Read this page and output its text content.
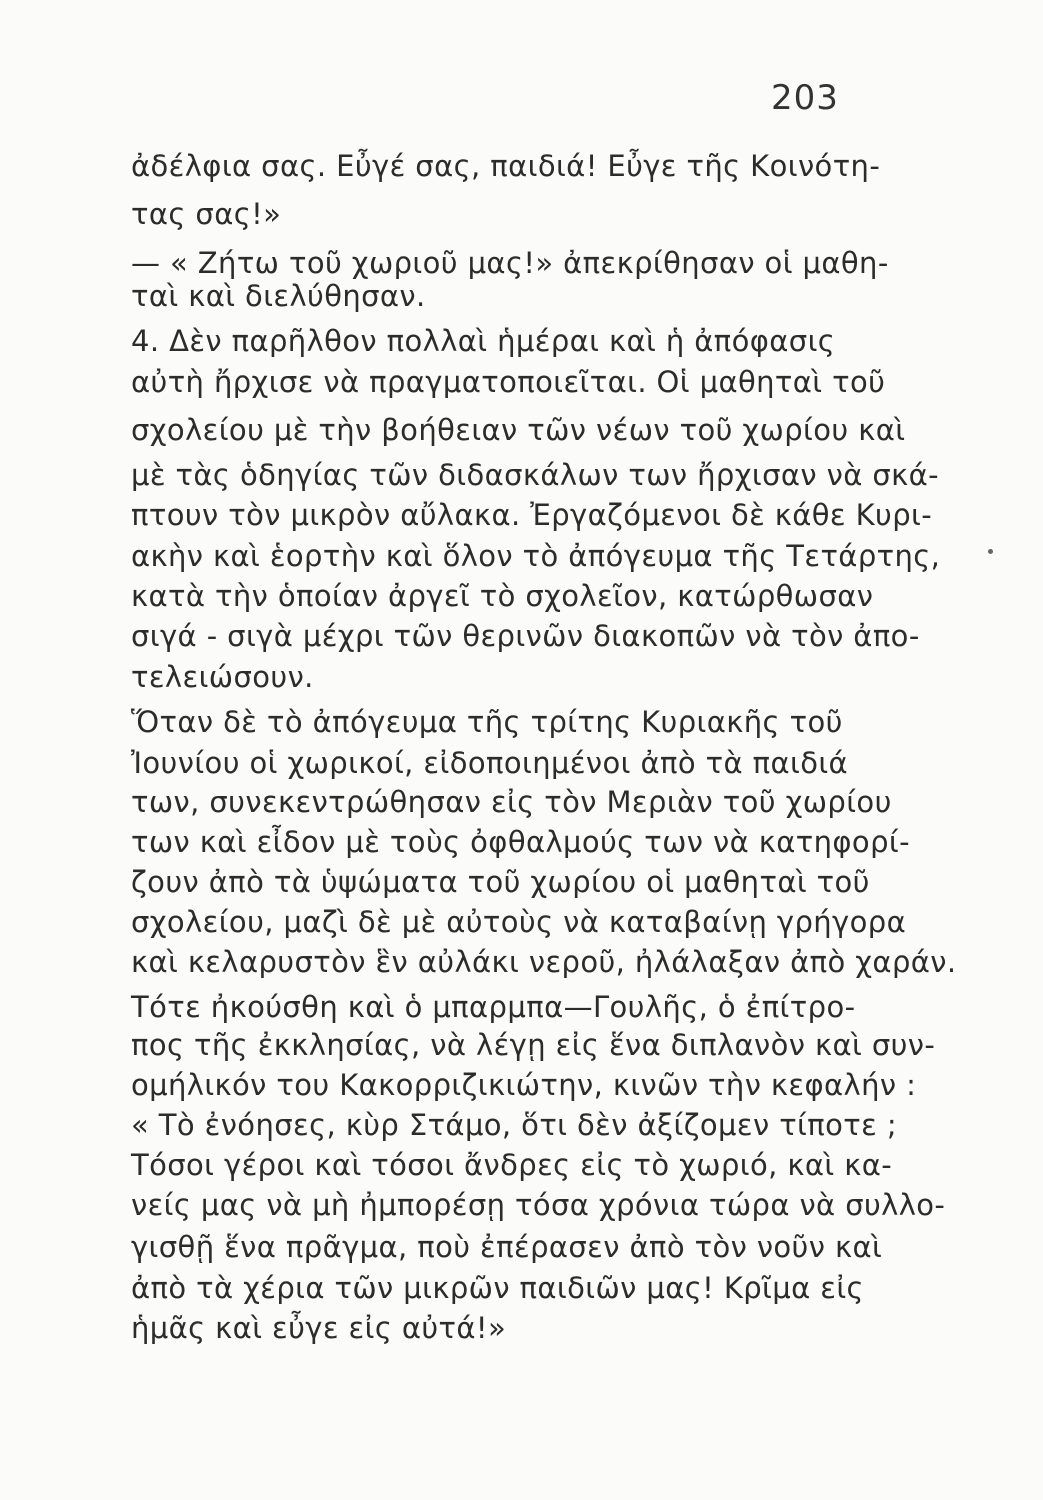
203
ἀδέλφια σας. Εὖγέ σας, παιδιά! Εὖγε τῆς Κοινότη-
τας σας!»
— « Ζήτω τοῦ χωριοῦ μας!» ἀπεκρίθησαν οἱ μαθη-
ταὶ καὶ διελύθησαν.
4. Δὲν παρῆλθον πολλαὶ ἡμέραι καὶ ἡ ἀπόφασις
αὐτὴ ἤρχισε νὰ πραγματοποιεῖται. Οἱ μαθηταὶ τοῦ
σχολείου μὲ τὴν βοήθειαν τῶν νέων τοῦ χωρίου καὶ
μὲ τὰς ὁδηγίας τῶν διδασκάλων των ἤρχισαν νὰ σκά-
πτουν τὸν μικρὸν αὔλακα. Ἐργαζόμενοι δὲ κάθε Κυρι-
ακὴν καὶ ἑορτὴν καὶ ὅλον τὸ ἀπόγευμα τῆς Τετάρτης,
κατὰ τὴν ὁποίαν ἀργεῖ τὸ σχολεῖον, κατώρθωσαν
σιγά - σιγὰ μέχρι τῶν θερινῶν διακοπῶν νὰ τὸν ἀπο-
τελειώσουν.
Ὅταν δὲ τὸ ἀπόγευμα τῆς τρίτης Κυριακῆς τοῦ
Ἰουνίου οἱ χωρικοί, εἰδοποιημένοι ἀπὸ τὰ παιδιά
των, συνεκεντρώθησαν εἰς τὸν Μεριὰν τοῦ χωρίου
των καὶ εἶδον μὲ τοὺς ὀφθαλμούς των νὰ κατηφορί-
ζουν ἀπὸ τὰ ὑψώματα τοῦ χωρίου οἱ μαθηταὶ τοῦ
σχολείου, μαζὶ δὲ μὲ αὐτοὺς νὰ καταβαίνῃ γρήγορα
καὶ κελαρυστὸν ἓν αὐλάκι νεροῦ, ἠλάλαξαν ἀπὸ χαράν.
Τότε ἠκούσθη καὶ ὁ μπαρμπα—Γουλῆς, ὁ ἐπίτρο-
πος τῆς ἐκκλησίας, νὰ λέγῃ εἰς ἕνα διπλανὸν καὶ συν-
ομήλικόν του Κακορριζικιώτην, κινῶν τὴν κεφαλήν :
« Τὸ ἐνόησες, κὺρ Στάμο, ὅτι δὲν ἀξίζομεν τίποτε ;
Τόσοι γέροι καὶ τόσοι ἄνδρες εἰς τὸ χωριό, καὶ κα-
νείς μας νὰ μὴ ἠμπορέσῃ τόσα χρόνια τώρα νὰ συλλο-
γισθῇ ἕνα πρᾶγμα, ποὺ ἐπέρασεν ἀπὸ τὸν νοῦν καὶ
ἀπὸ τὰ χέρια τῶν μικρῶν παιδιῶν μας! Κρῖμα εἰς
ἡμᾶς καὶ εὖγε εἰς αὐτά!»
